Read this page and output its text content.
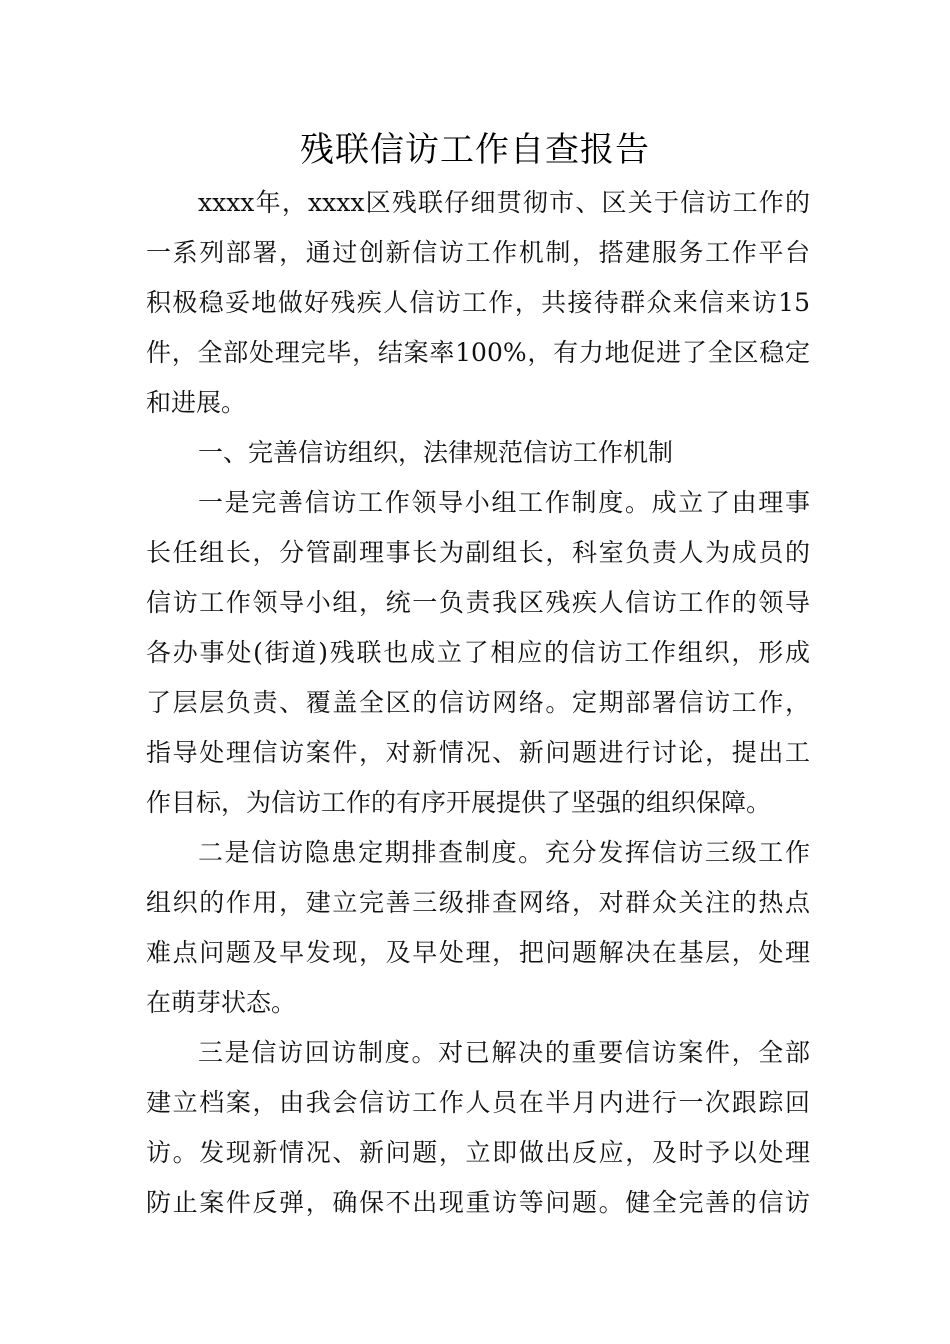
残联信访工作自查报告
xxxx年，xxxx区残联仔细贯彻市、区关于信访工作的
一系列部署，通过创新信访工作机制，搭建服务工作平台
积极稳妥地做好残疾人信访工作，共接待群众来信来访15
件，全部处理完毕，结案率100%，有力地促进了全区稳定
和进展。
一、完善信访组织，法律规范信访工作机制
一是完善信访工作领导小组工作制度。成立了由理事
长任组长，分管副理事长为副组长，科室负责人为成员的
信访工作领导小组，统一负责我区残疾人信访工作的领导
各办事处(街道)残联也成立了相应的信访工作组织，形成
了层层负责、覆盖全区的信访网络。定期部署信访工作，
指导处理信访案件，对新情况、新问题进行讨论，提出工
作目标，为信访工作的有序开展提供了坚强的组织保障。
二是信访隐患定期排查制度。充分发挥信访三级工作
组织的作用，建立完善三级排查网络，对群众关注的热点
难点问题及早发现，及早处理，把问题解决在基层，处理
在萌芽状态。
三是信访回访制度。对已解决的重要信访案件，全部
建立档案，由我会信访工作人员在半月内进行一次跟踪回
访。发现新情况、新问题，立即做出反应，及时予以处理
防止案件反弹，确保不出现重访等问题。健全完善的信访
